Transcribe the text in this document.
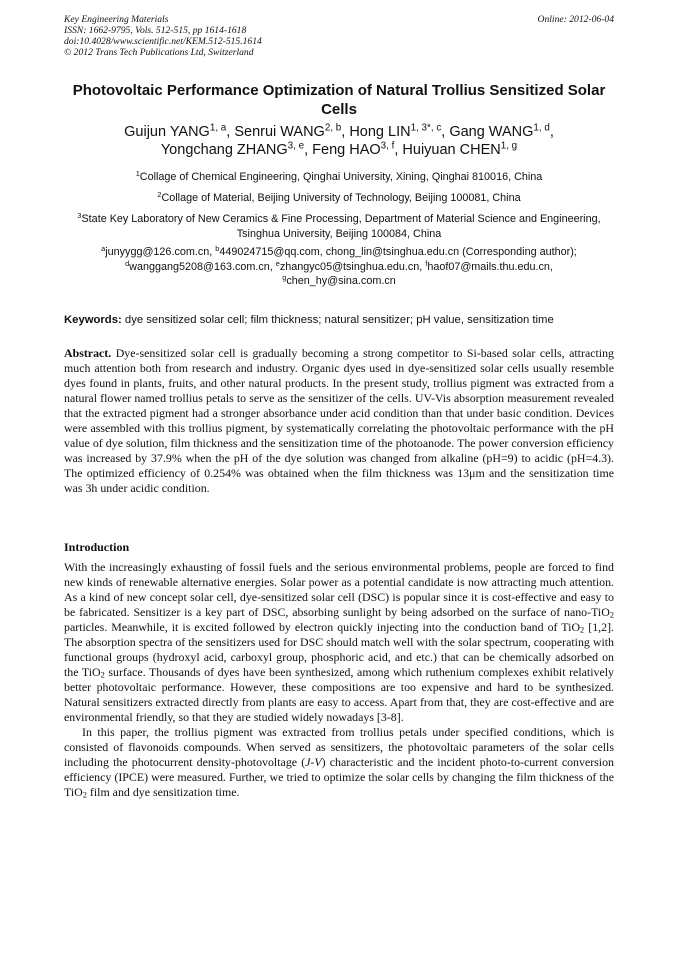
Key Engineering Materials
ISSN: 1662-9795, Vols. 512-515, pp 1614-1618
doi:10.4028/www.scientific.net/KEM.512-515.1614
© 2012 Trans Tech Publications Ltd, Switzerland
Online: 2012-06-04
Photovoltaic Performance Optimization of Natural Trollius Sensitized Solar Cells
Guijun YANG$^{1, a}$, Senrui WANG$^{2, b}$, Hong $LIN^{1, 3*, c}$, Gang WANG$^{1, d}$,
Yongchang ZHANG$^{3, e}$, Feng HAO$^{3, f}$, Huiyuan CHEN$^{1, g}$
$^1$Collage of Chemical Engineering, Qinghai University, Xining, Qinghai 810016, China
$^2$Collage of Material, Beijing University of Technology, Beijing 100081, China
$^3$State Key Laboratory of New Ceramics & Fine Processing, Department of Material Science and Engineering, Tsinghua University, Beijing 100084, China
$^a$junyygg@126.com.cn, $^b$449024715@qq.com, chong_lin@tsinghua.edu.cn (Corresponding author);
$^d$wanggang5208@163.com.cn, $^e$zhangyc05@tsinghua.edu.cn, $^f$haof07@mails.thu.edu.cn,
$^g$chen_hy@sina.com.cn
Keywords: dye sensitized solar cell; film thickness; natural sensitizer; pH value, sensitization time
Abstract. Dye-sensitized solar cell is gradually becoming a strong competitor to Si-based solar cells, attracting much attention both from research and industry. Organic dyes used in dye-sensitized solar cells usually resemble dyes found in plants, fruits, and other natural products. In the present study, trollius pigment was extracted from a natural flower named trollius petals to serve as the sensitizer of the cells. UV-Vis absorption measurement revealed that the extracted pigment had a stronger absorbance under acid condition than that under basic condition. Devices were assembled with this trollius pigment, by systematically correlating the photovoltaic performance with the pH value of dye solution, film thickness and the sensitization time of the photoanode. The power conversion efficiency was increased by 37.9% when the pH of the dye solution was changed from alkaline (pH=9) to acidic (pH=4.3). The optimized efficiency of 0.254% was obtained when the film thickness was 13μm and the sensitization time was 3h under acidic condition.
Introduction

With the increasingly exhausting of fossil fuels and the serious environmental problems, people are forced to find new kinds of renewable alternative energies. Solar power as a potential candidate is now attracting much attention. As a kind of new concept solar cell, dye-sensitized solar cell (DSC) is popular since it is cost-effective and easy to be fabricated. Sensitizer is a key part of DSC, absorbing sunlight by being adsorbed on the surface of nano-TiO$_2$ particles. Meanwhile, it is excited followed by electron quickly injecting into the conduction band of TiO$_2$ [1,2]. The absorption spectra of the sensitizers used for DSC should match well with the solar spectrum, cooperating with functional groups (hydroxyl acid, carboxyl group, phosphoric acid, and etc.) that can be chemically adsorbed on the TiO$_2$ surface. Thousands of dyes have been synthesized, among which ruthenium complexes exhibit relatively better photovoltaic performance. However, these compositions are too expensive and hard to be synthesized. Natural sensitizers extracted directly from plants are easy to access. Apart from that, they are cost-effective and are environmental friendly, so that they are studied widely nowadays [3-8].

In this paper, the trollius pigment was extracted from trollius petals under specified conditions, which is consisted of flavonoids compounds. When served as sensitizers, the photovoltaic parameters of the solar cells including the photocurrent density-photovoltage (J-V) characteristic and the incident photo-to-current conversion efficiency (IPCE) were measured. Further, we tried to optimize the solar cells by changing the film thickness of the TiO$_2$ film and dye sensitization time.
